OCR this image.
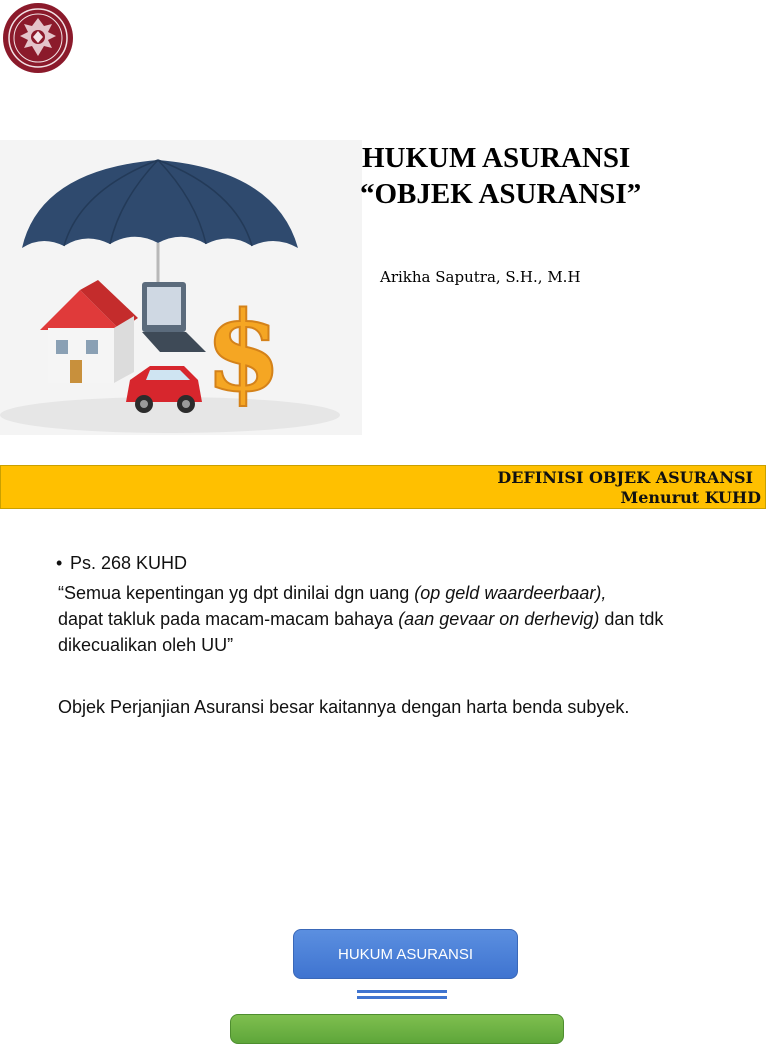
$
HUKUM ASURANSI
“OBJEK ASURANSI”
Arikha Saputra, S.H., M.H
DEFINISI OBJEK ASURANSI
Menurut KUHD
• Ps. 268 KUHD
“Semua kepentingan yg dpt dinilai dgn uang (op geld waardeerbaar),
dapat takluk pada macam-macam bahaya (aan gevaar on derhevig) dan tdk dikecualikan oleh UU”
Objek Perjanjian Asuransi besar kaitannya dengan harta benda subyek.
HUKUM ASURANSI
